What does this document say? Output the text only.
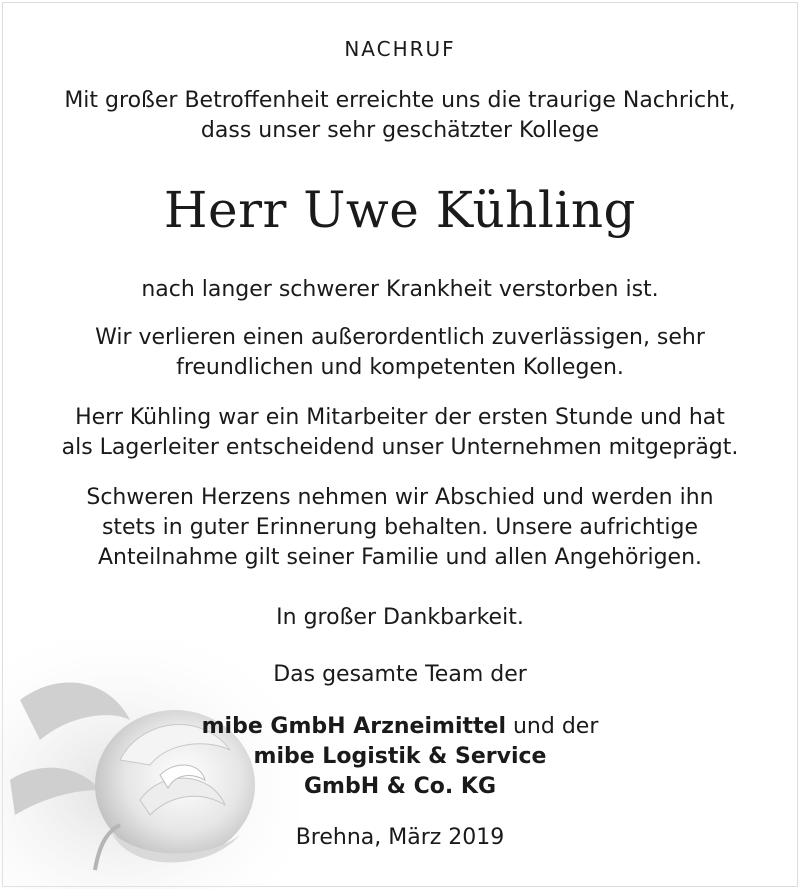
NACHRUF
Mit großer Betroffenheit erreichte uns die traurige Nachricht,
dass unser sehr geschätzter Kollege
Herr Uwe Kühling
nach langer schwerer Krankheit verstorben ist.
Wir verlieren einen außerordentlich zuverlässigen, sehr
freundlichen und kompetenten Kollegen.
Herr Kühling war ein Mitarbeiter der ersten Stunde und hat
als Lagerleiter entscheidend unser Unternehmen mitgeprägt.
Schweren Herzens nehmen wir Abschied und werden ihn
stets in guter Erinnerung behalten. Unsere aufrichtige
Anteilnahme gilt seiner Familie und allen Angehörigen.
In großer Dankbarkeit.
Das gesamte Team der
mibe GmbH Arzneimittel und der
mibe Logistik & Service
GmbH & Co. KG
Brehna, März 2019
